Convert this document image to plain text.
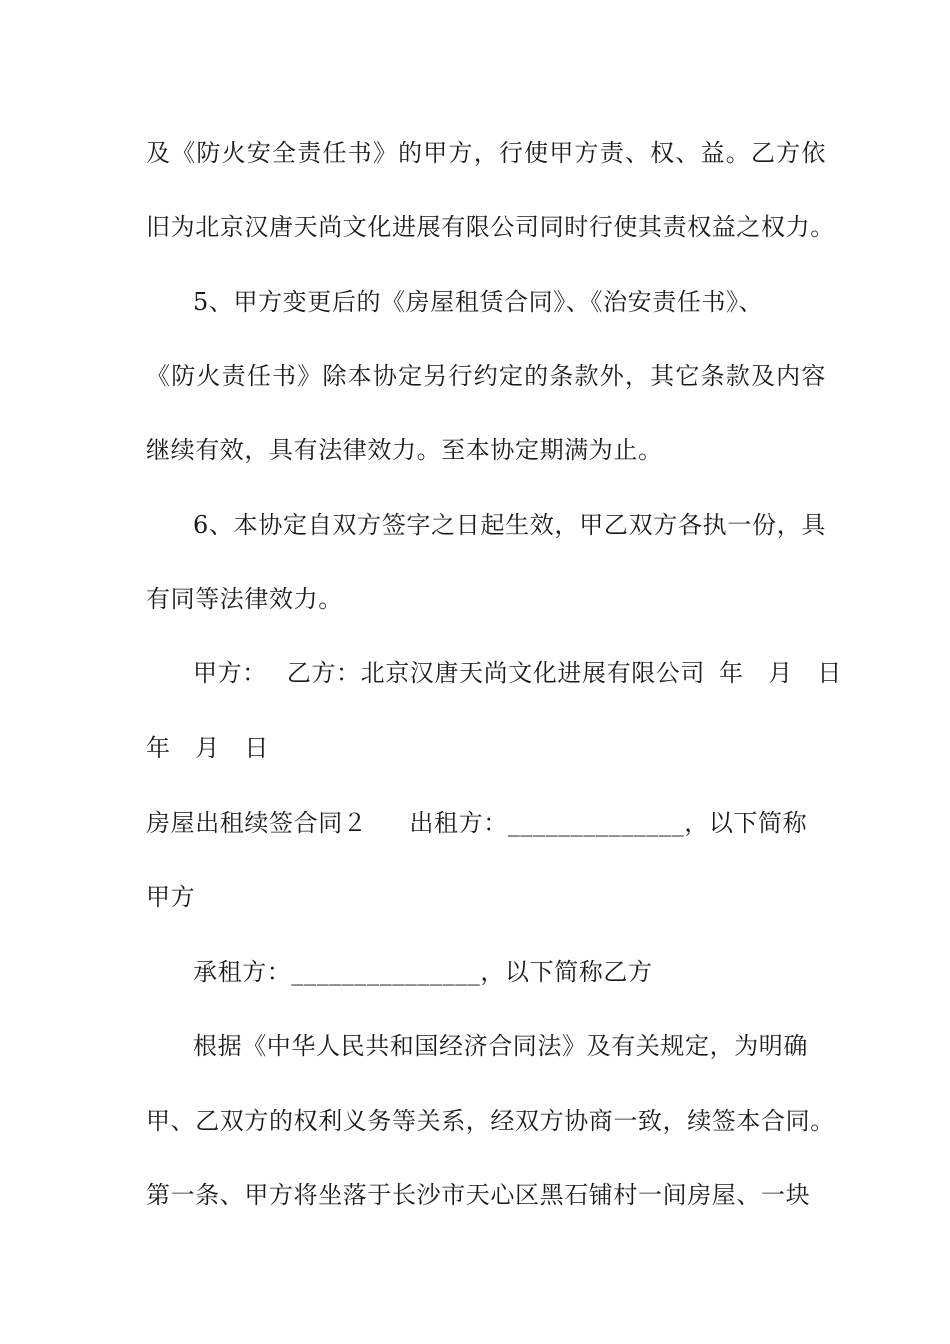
及《防火安全责任书》的甲方，行使甲方责、权、益。乙方依
旧为北京汉唐天尚文化进展有限公司同时行使其责权益之权力。
5、甲方变更后的《房屋租赁合同》、《治安责任书》、
《防火责任书》除本协定另行约定的条款外，其它条款及内容
继续有效，具有法律效力。至本协定期满为止。
6、本协定自双方签字之日起生效，甲乙双方各执一份，具
有同等法律效力。
甲方： 乙方：北京汉唐天尚文化进展有限公司 年　月　日
年　月　日
房屋出租续签合同２ 出租方：______________，以下简称
甲方
承租方：_______________，以下简称乙方
根据《中华人民共和国经济合同法》及有关规定，为明确
甲、乙双方的权利义务等关系，经双方协商一致，续签本合同。
第一条、甲方将坐落于长沙市天心区黑石铺村一间房屋、一块
